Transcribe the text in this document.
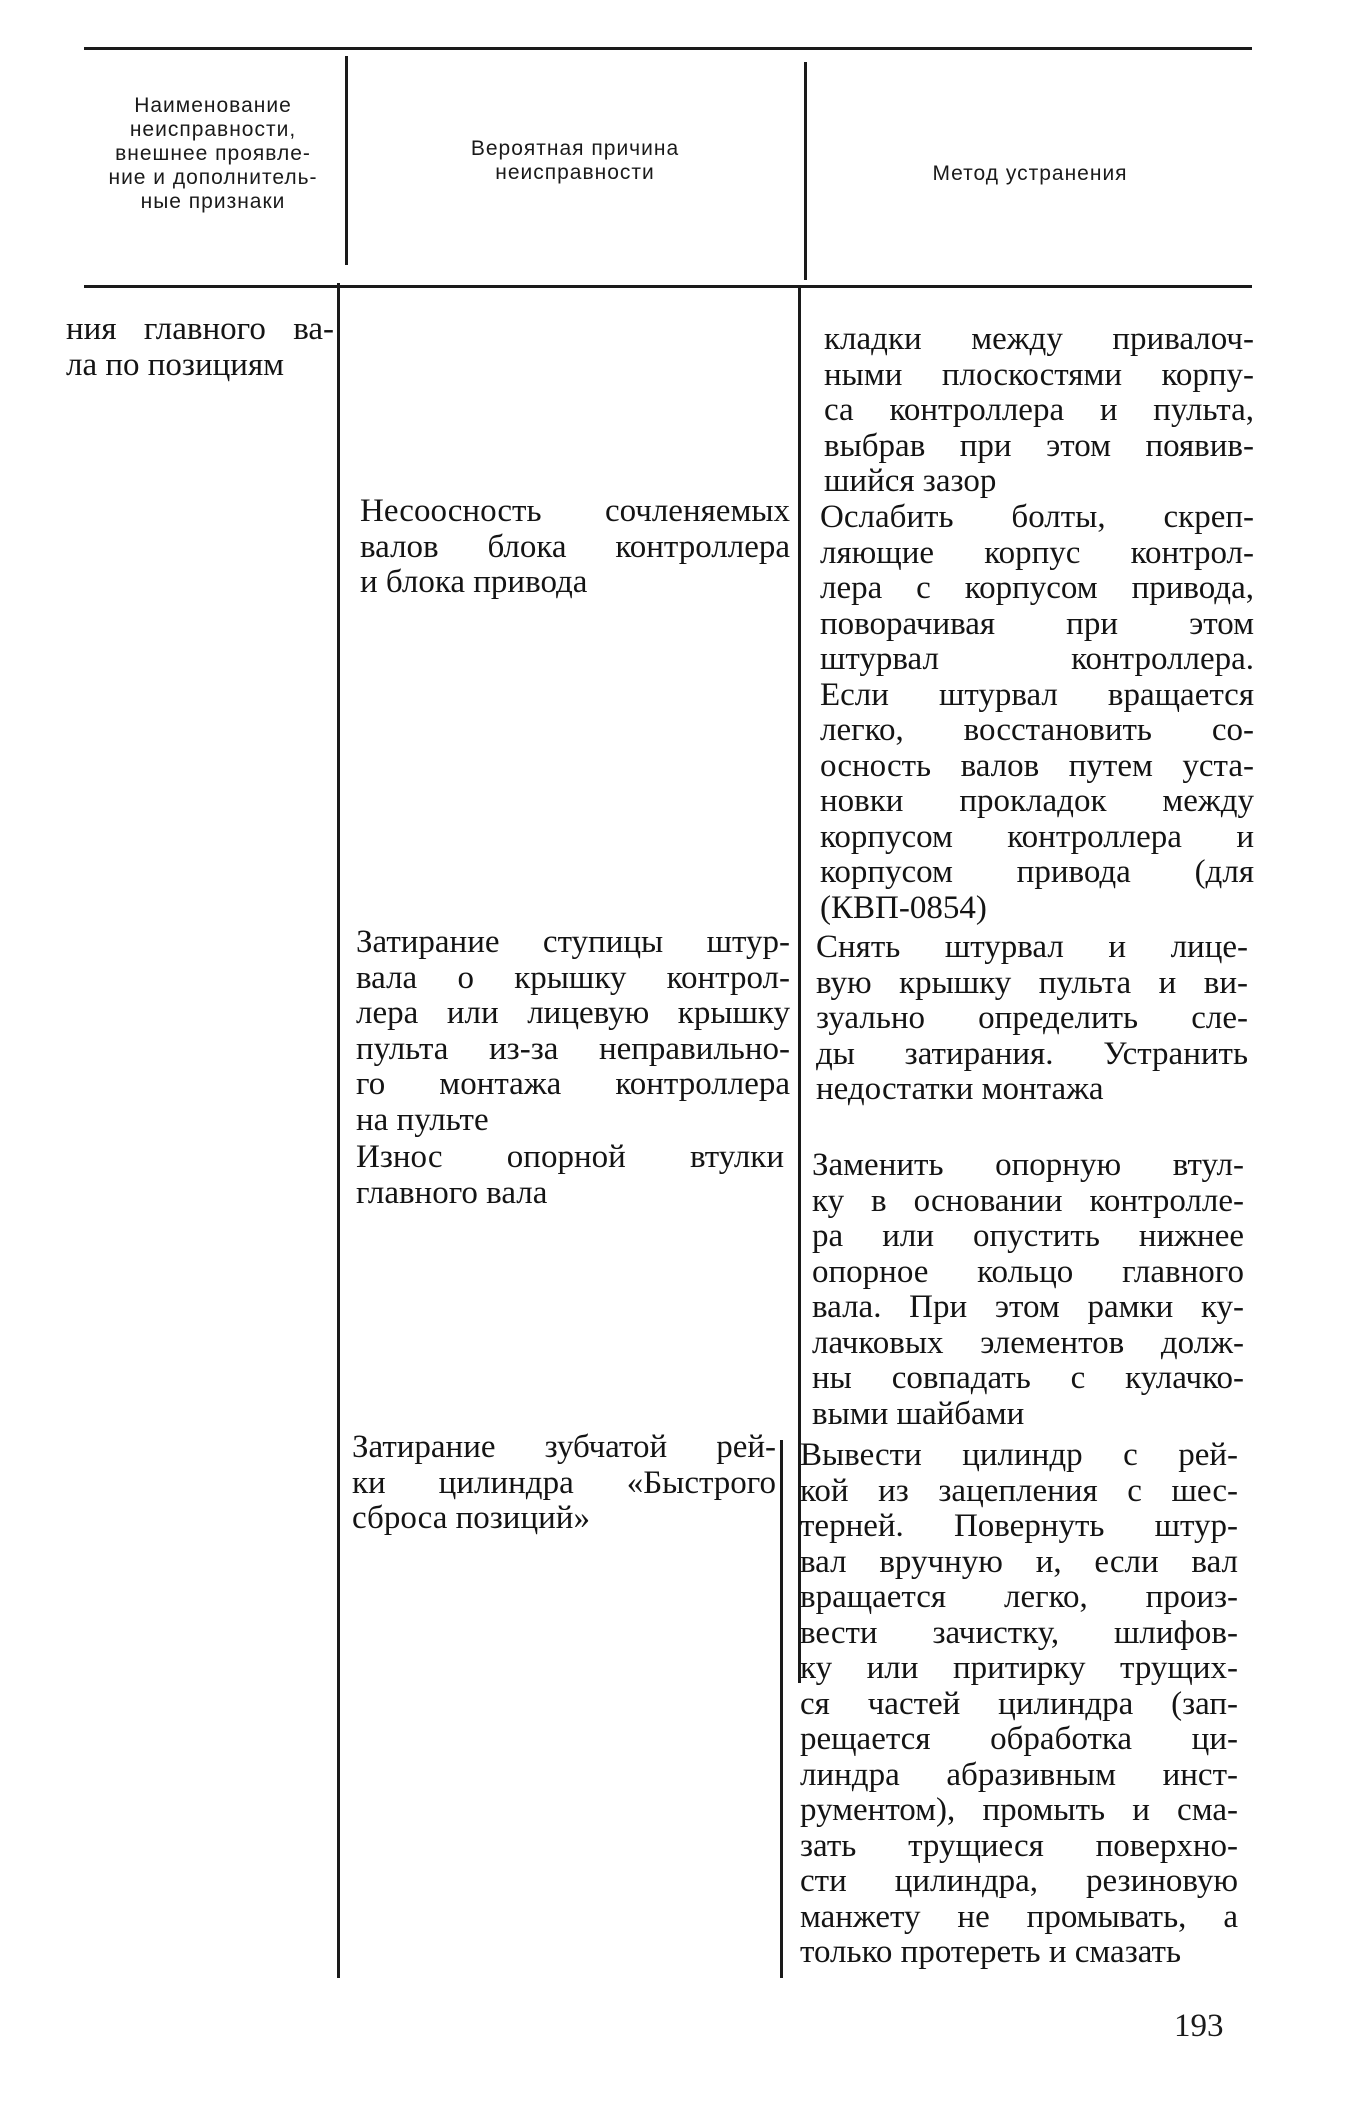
Наименование
неисправности,
внешнее проявле-
ние и дополнитель-
ные признаки
Вероятная причина
неисправности	Метод устранения
ния главного ва-
ла по позициям
кладки между привалоч-
ными плоскостями корпу-
са контроллера и пульта,
выбрав при этом появив-
шийся зазор
Несоосность сочленяемых
валов блока контроллера
и блока привода
Ослабить болты, скреп-
ляющие корпус контрол-
лера с корпусом привода,
поворачивая при этом
штурвал контроллера.
Если штурвал вращается
легко, восстановить со-
осность валов путем уста-
новки прокладок между
корпусом контроллера и
корпусом привода (для
(КВП-0854)
Затирание ступицы штур-
вала о крышку контрол-
лера или лицевую крышку
пульта из-за неправильно-
го монтажа контроллера
на пульте
Снять штурвал и лице-
вую крышку пульта и ви-
зуально определить сле-
ды затирания. Устранить
недостатки монтажа
Износ опорной втулки
главного вала
Заменить опорную втул-
ку в основании контролле-
ра или опустить нижнее
опорное кольцо главного
вала. При этом рамки ку-
лачковых элементов долж-
ны совпадать с кулачко-
выми шайбами
Затирание зубчатой рей-
ки цилиндра «Быстрого
сброса позиций»
Вывести цилиндр с рей-
кой из зацепления с шес-
терней. Повернуть штур-
вал вручную и, если вал
вращается легко, произ-
вести зачистку, шлифов-
ку или притирку трущих-
ся частей цилиндра (зап-
рещается обработка ци-
линдра абразивным инст-
рументом), промыть и сма-
зать трущиеся поверхно-
сти цилиндра, резиновую
манжету не промывать, а
только протереть и смазать
193
